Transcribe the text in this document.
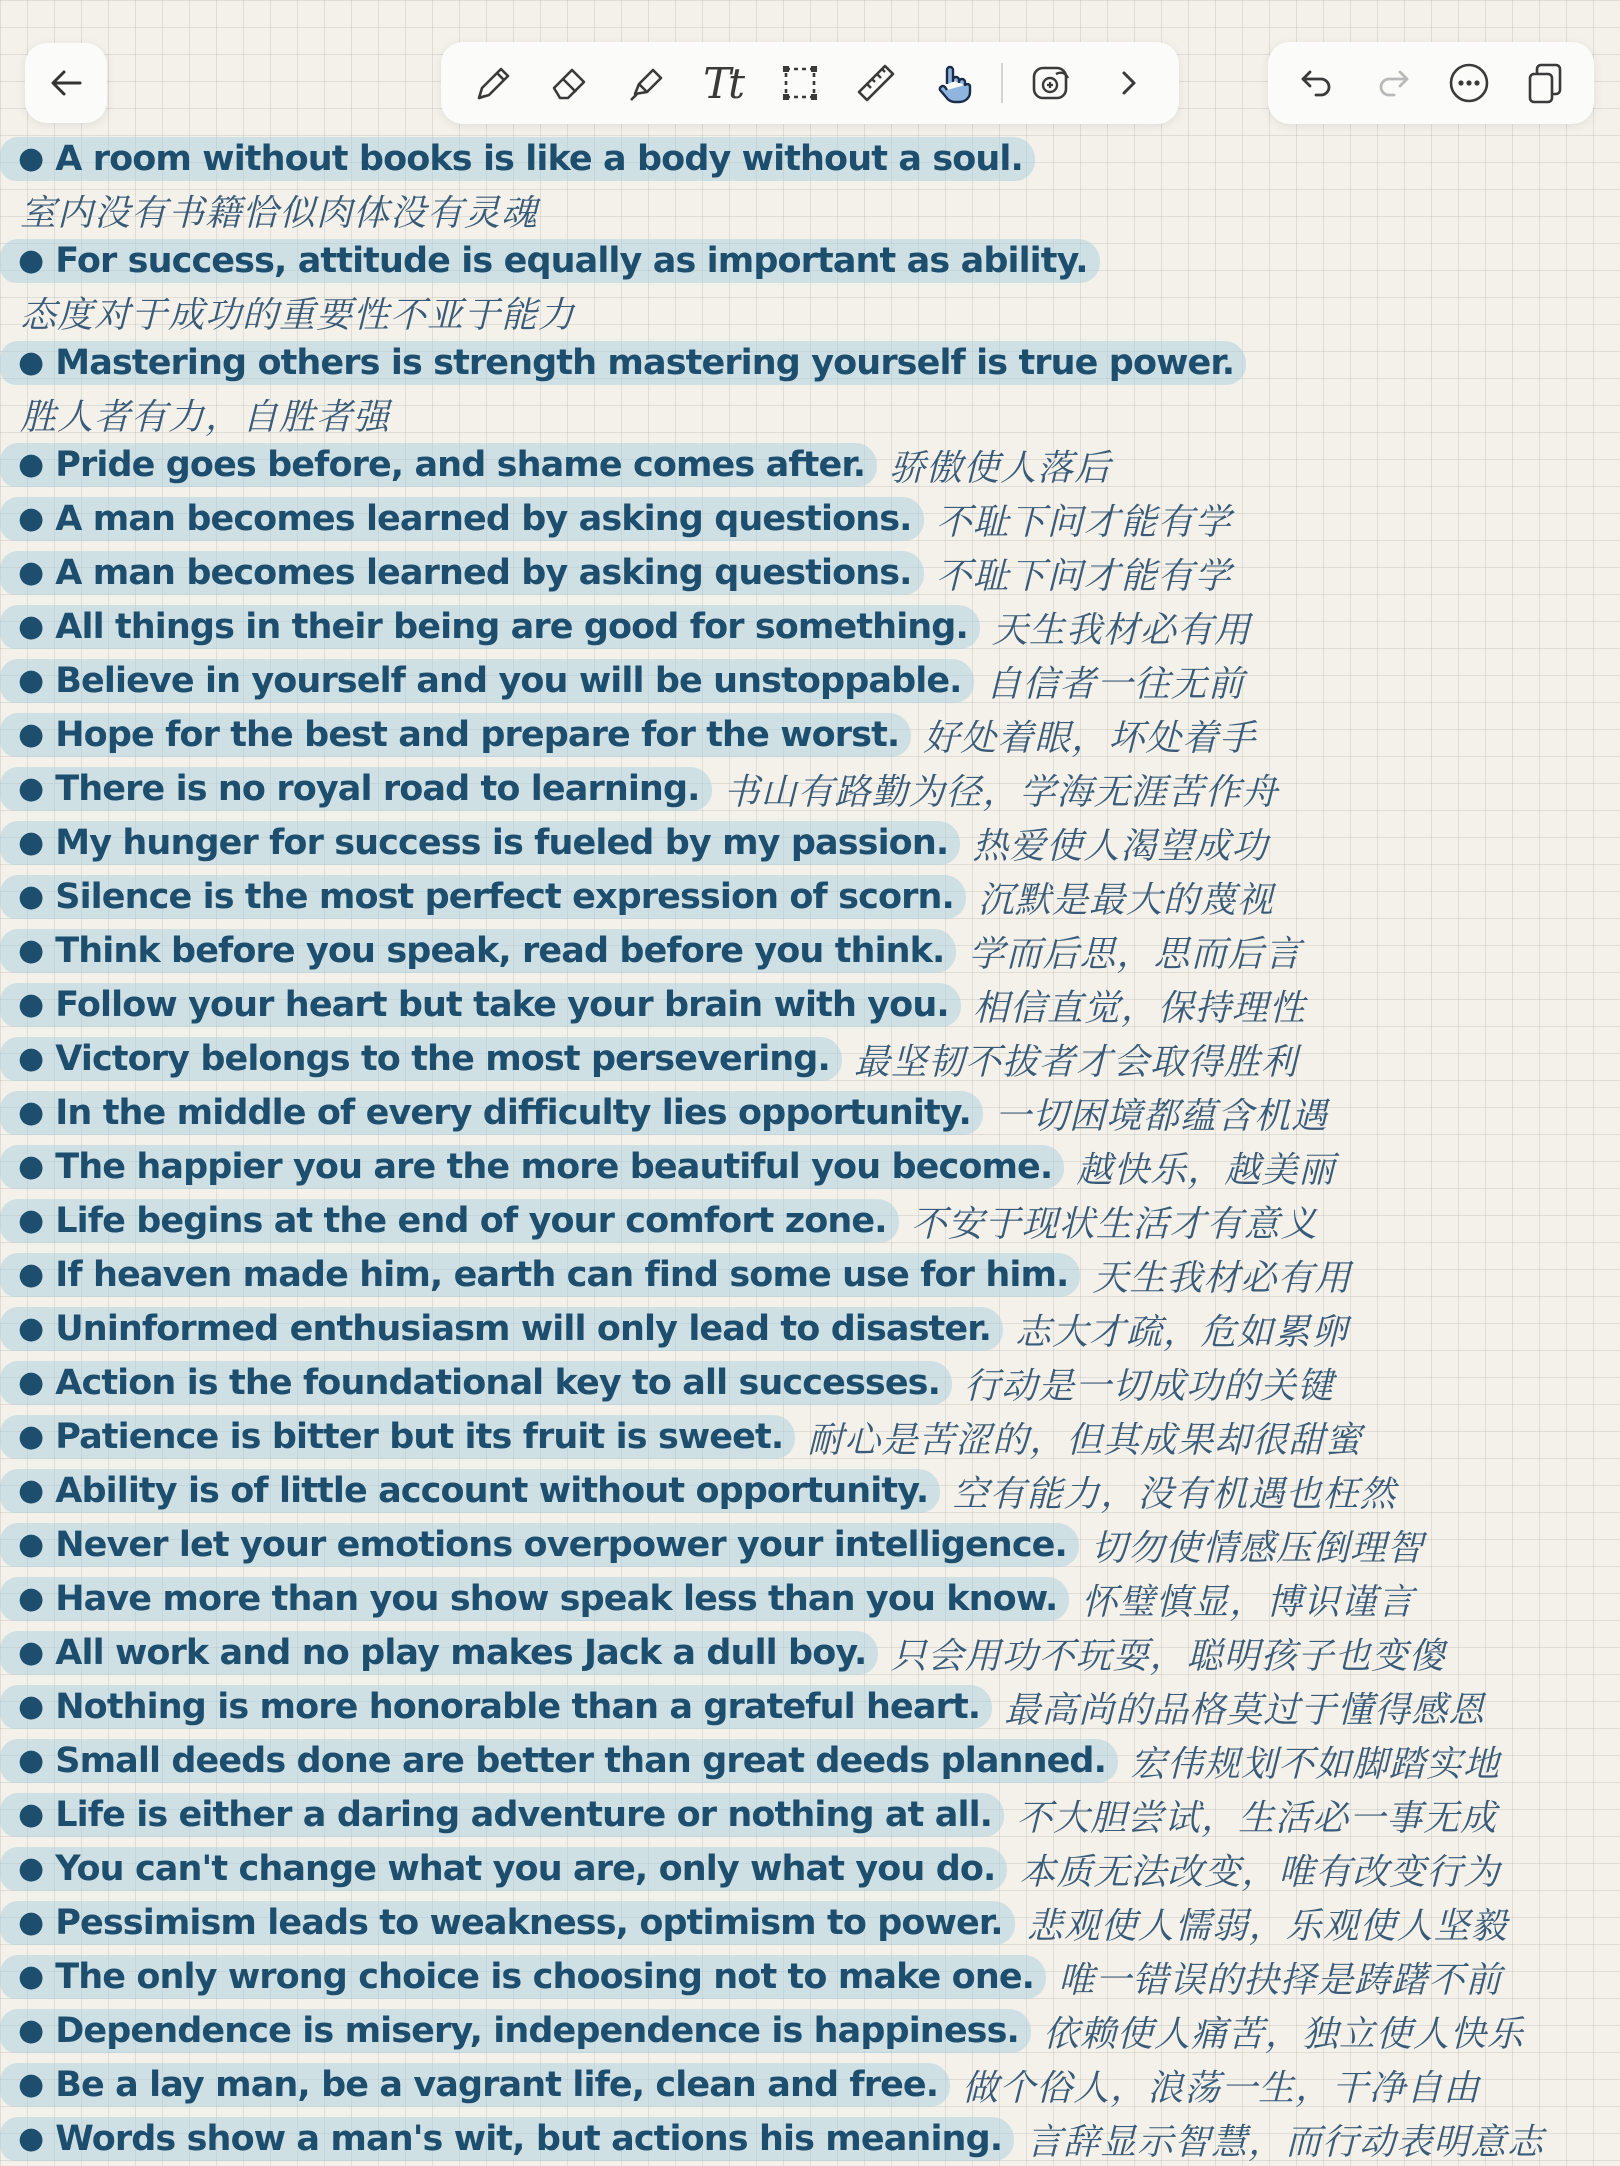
Tt
● A room without books is like a body without a soul.
室内没有书籍恰似肉体没有灵魂
● For success, attitude is equally as important as ability.
态度对于成功的重要性不亚于能力
● Mastering others is strength mastering yourself is true power.
胜人者有力，自胜者强
● Pride goes before, and shame comes after. 骄傲使人落后
● A man becomes learned by asking questions. 不耻下问才能有学
● A man becomes learned by asking questions. 不耻下问才能有学
● All things in their being are good for something. 天生我材必有用
● Believe in yourself and you will be unstoppable. 自信者一往无前
● Hope for the best and prepare for the worst. 好处着眼，坏处着手
● There is no royal road to learning. 书山有路勤为径，学海无涯苦作舟
● My hunger for success is fueled by my passion. 热爱使人渴望成功
● Silence is the most perfect expression of scorn. 沉默是最大的蔑视
● Think before you speak, read before you think. 学而后思，思而后言
● Follow your heart but take your brain with you. 相信直觉，保持理性
● Victory belongs to the most persevering. 最坚韧不拔者才会取得胜利
● In the middle of every difficulty lies opportunity. 一切困境都蕴含机遇
● The happier you are the more beautiful you become. 越快乐，越美丽
● Life begins at the end of your comfort zone. 不安于现状生活才有意义
● If heaven made him, earth can find some use for him. 天生我材必有用
● Uninformed enthusiasm will only lead to disaster. 志大才疏，危如累卵
● Action is the foundational key to all successes. 行动是一切成功的关键
● Patience is bitter but its fruit is sweet. 耐心是苦涩的，但其成果却很甜蜜
● Ability is of little account without opportunity. 空有能力，没有机遇也枉然
● Never let your emotions overpower your intelligence. 切勿使情感压倒理智
● Have more than you show speak less than you know. 怀璧慎显，博识谨言
● All work and no play makes Jack a dull boy. 只会用功不玩耍，聪明孩子也变傻
● Nothing is more honorable than a grateful heart. 最高尚的品格莫过于懂得感恩
● Small deeds done are better than great deeds planned. 宏伟规划不如脚踏实地
● Life is either a daring adventure or nothing at all. 不大胆尝试，生活必一事无成
● You can't change what you are, only what you do. 本质无法改变，唯有改变行为
● Pessimism leads to weakness, optimism to power. 悲观使人懦弱，乐观使人坚毅
● The only wrong choice is choosing not to make one. 唯一错误的抉择是踌躇不前
● Dependence is misery, independence is happiness. 依赖使人痛苦，独立使人快乐
● Be a lay man, be a vagrant life, clean and free. 做个俗人，浪荡一生，干净自由
● Words show a man's wit, but actions his meaning. 言辞显示智慧，而行动表明意志
